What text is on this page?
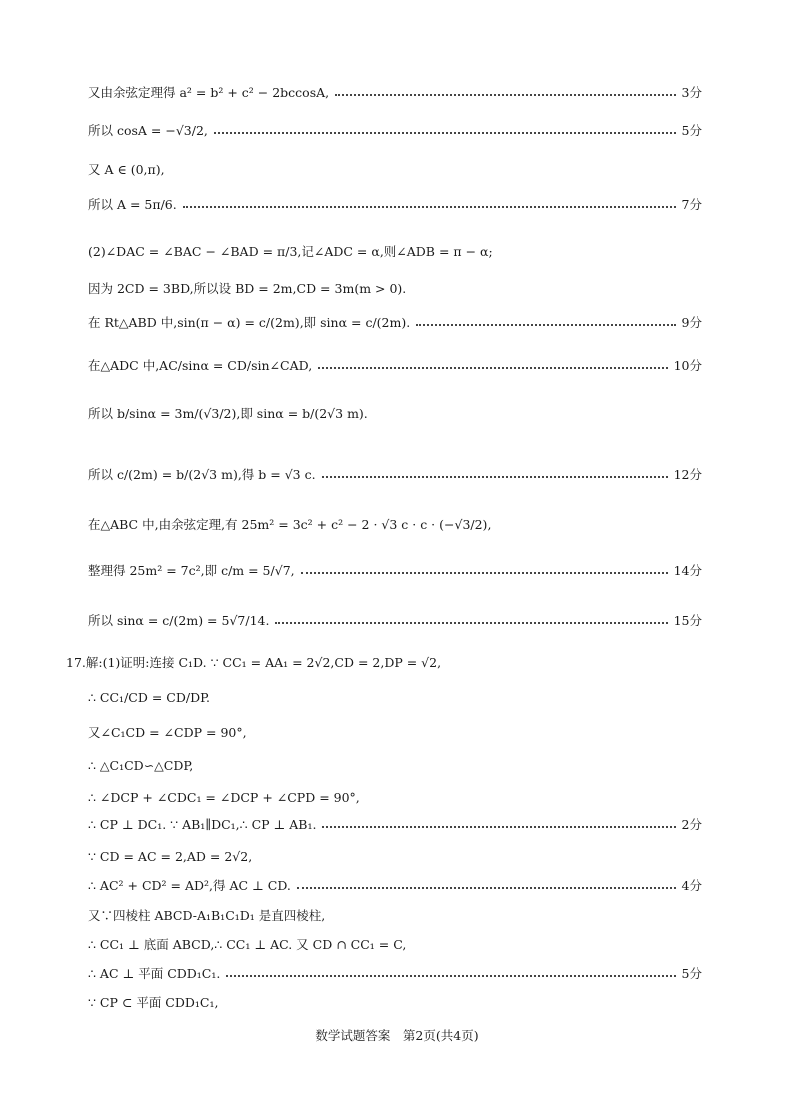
又由余弦定理得 a² = b² + c² − 2bccosA,	3分
所以 cosA = −√3/2,	5分
又 A ∈ (0,π),
所以 A = 5π/6.	7分
(2)∠DAC = ∠BAC − ∠BAD = π/3,记∠ADC = α,则∠ADB = π − α;
因为 2CD = 3BD,所以设 BD = 2m,CD = 3m(m > 0).
在 Rt△ABD 中,sin(π − α) = c/(2m),即 sinα = c/(2m).	9分
在△ADC 中,AC/sinα = CD/sin∠CAD,	10分
所以 b/sinα = 3m/(√3/2),即 sinα = b/(2√3 m).
所以 c/(2m) = b/(2√3 m),得 b = √3 c.	12分
在△ABC 中,由余弦定理,有 25m² = 3c² + c² − 2 · √3 c · c · (−√3/2),
整理得 25m² = 7c²,即 c/m = 5/√7,	14分
所以 sinα = c/(2m) = 5√7/14.	15分
17.解:(1)证明:连接 C₁D. ∵ CC₁ = AA₁ = 2√2,CD = 2,DP = √2,
∴ CC₁/CD = CD/DP.
又∠C₁CD = ∠CDP = 90°,
∴ △C₁CD∽△CDP,
∴ ∠DCP + ∠CDC₁ = ∠DCP + ∠CPD = 90°,
∴ CP ⊥ DC₁. ∵ AB₁∥DC₁,∴ CP ⊥ AB₁.	2分
∵ CD = AC = 2,AD = 2√2,
∴ AC² + CD² = AD²,得 AC ⊥ CD.	4分
又∵四棱柱 ABCD-A₁B₁C₁D₁ 是直四棱柱,
∴ CC₁ ⊥ 底面 ABCD,∴ CC₁ ⊥ AC. 又 CD ∩ CC₁ = C,
∴ AC ⊥ 平面 CDD₁C₁.	5分
∵ CP ⊂ 平面 CDD₁C₁,
数学试题答案　第2页(共4页)
